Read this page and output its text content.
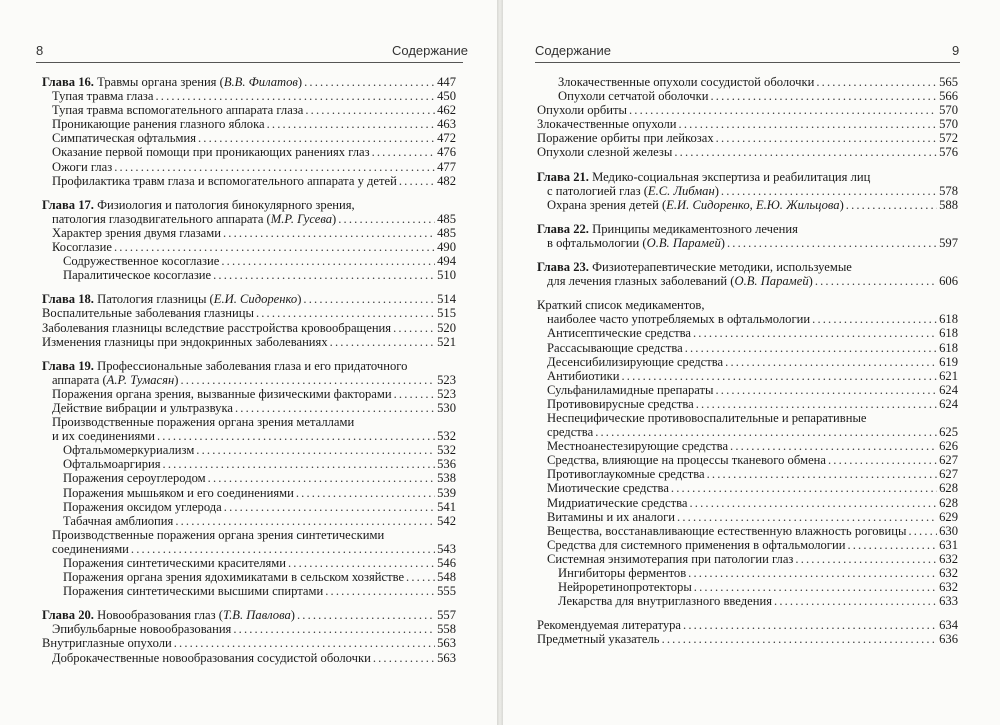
8	Содержание
Глава 16. Травмы органа зрения (В.В. Филатов) . . .	447
Тупая травма глаза . . .	450
Тупая травма вспомогательного аппарата глаза . . .	462
Проникающие ранения глазного яблока . . .	463
Симпатическая офтальмия . . .	472
Оказание первой помощи при проникающих ранениях глаз . . .	476
Ожоги глаз . . .	477
Профилактика травм глаза и вспомогательного аппарата у детей . . .	482
Глава 17. Физиология и патология бинокулярного зрения,
патология глазодвигательного аппарата (М.Р. Гусева) . . .	485
Характер зрения двумя глазами . . .	485
Косоглазие . . .	490
Содружественное косоглазие . . .	494
Паралитическое косоглазие . . .	510
Глава 18. Патология глазницы (Е.И. Сидоренко) . . .	514
Воспалительные заболевания глазницы . . .	515
Заболевания глазницы вследствие расстройства кровообращения . . .	520
Изменения глазницы при эндокринных заболеваниях . . .	521
Глава 19. Профессиональные заболевания глаза и его придаточного
аппарата (А.Р. Тумасян) . . .	523
Поражения органа зрения, вызванные физическими факторами . . .	523
Действие вибрации и ультразвука . . .	530
Производственные поражения органа зрения металлами
и их соединениями . . .	532
Офтальмомеркуриализм . . .	532
Офтальмоаргирия . . .	536
Поражения сероуглеродом . . .	538
Поражения мышьяком и его соединениями . . .	539
Поражения оксидом углерода . . .	541
Табачная амблиопия . . .	542
Производственные поражения органа зрения синтетическими
соединениями . . .	543
Поражения синтетическими красителями . . .	546
Поражения органа зрения ядохимикатами в сельском хозяйстве . . .	548
Поражения синтетическими высшими спиртами . . .	555
Глава 20. Новообразования глаз (Т.В. Павлова) . . .	557
Эпибульбарные новообразования . . .	558
Внутриглазные опухоли . . .	563
Доброкачественные новообразования сосудистой оболочки . . .	563
Содержание	9
Злокачественные опухоли сосудистой оболочки . . .	565
Опухоли сетчатой оболочки . . .	566
Опухоли орбиты . . .	570
Злокачественные опухоли . . .	570
Поражение орбиты при лейкозах . . .	572
Опухоли слезной железы . . .	576
Глава 21. Медико-социальная экспертиза и реабилитация лиц
с патологией глаз (Е.С. Либман) . . .	578
Охрана зрения детей (Е.И. Сидоренко, Е.Ю. Жильцова) . . .	588
Глава 22. Принципы медикаментозного лечения
в офтальмологии (О.В. Парамей) . . .	597
Глава 23. Физиотерапевтические методики, используемые
для лечения глазных заболеваний (О.В. Парамей) . . .	606
Краткий список медикаментов,
наиболее часто употребляемых в офтальмологии . . .	618
Антисептические средства . . .	618
Рассасывающие средства . . .	618
Десенсибилизирующие средства . . .	619
Антибиотики . . .	621
Сульфаниламидные препараты . . .	624
Противовирусные средства . . .	624
Неспецифические противовоспалительные и репаративные
средства . . .	625
Местноанестезирующие средства . . .	626
Средства, влияющие на процессы тканевого обмена . . .	627
Противоглаукомные средства . . .	627
Миотические средства . . .	628
Мидриатические средства . . .	628
Витамины и их аналоги . . .	629
Вещества, восстанавливающие естественную влажность роговицы . . .	630
Средства для системного применения в офтальмологии . . .	631
Системная энзимотерапия при патологии глаз . . .	632
Ингибиторы ферментов . . .	632
Нейроретинопротекторы . . .	632
Лекарства для внутриглазного введения . . .	633
Рекомендуемая литература . . .	634
Предметный указатель . . .	636
